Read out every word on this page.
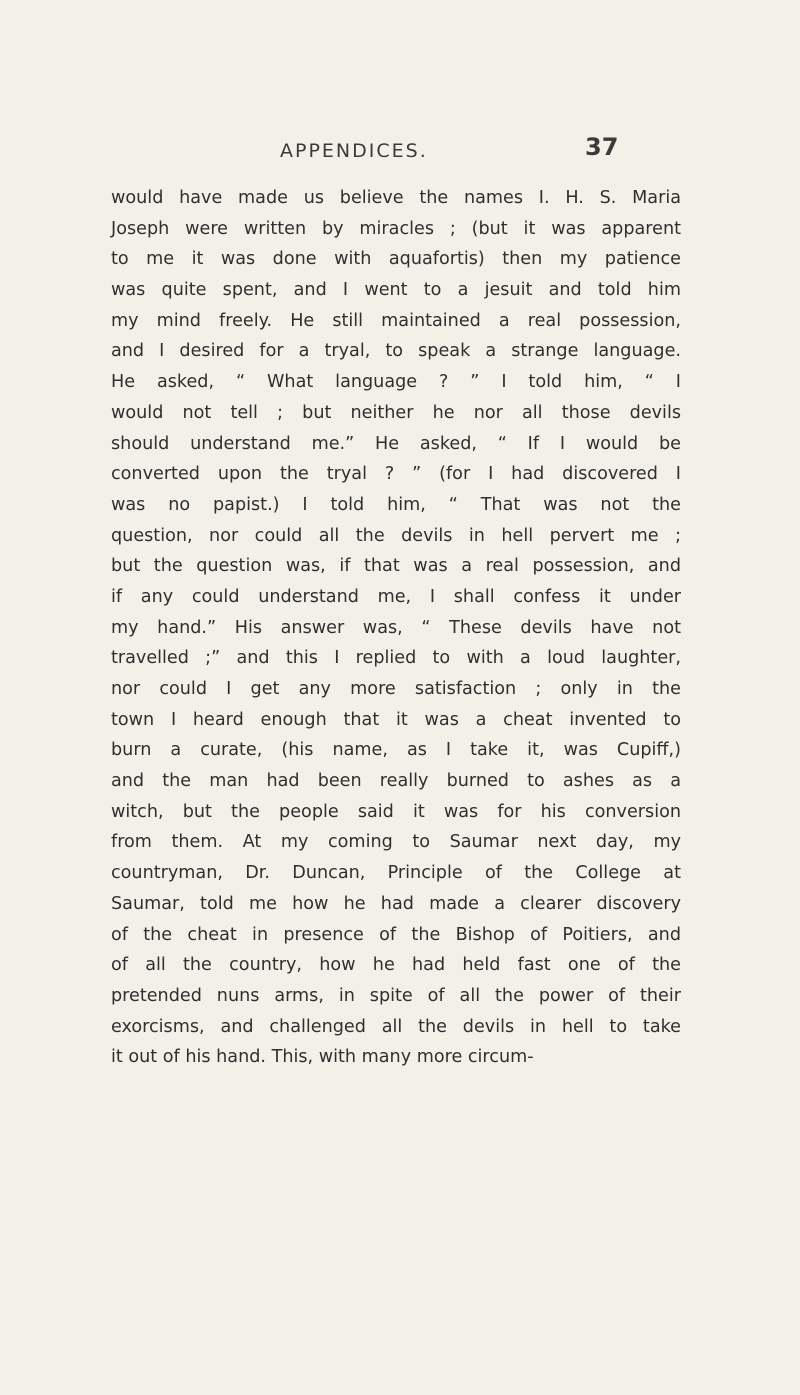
APPENDICES.	37
would have made us believe the names I. H. S. Maria
Joseph were written by miracles ; (but it was apparent
to me it was done with aquafortis) then my patience
was quite spent, and I went to a jesuit and told him
my mind freely. He still maintained a real possession,
and I desired for a tryal, to speak a strange language.
He asked, “ What language ? ” I told him, “ I
would not tell ; but neither he nor all those devils
should understand me.” He asked, “ If I would be
converted upon the tryal ? ” (for I had discovered I
was no papist.) I told him, “ That was not the
question, nor could all the devils in hell pervert me ;
but the question was, if that was a real possession, and
if any could understand me, I shall confess it under
my hand.” His answer was, “ These devils have not
travelled ;” and this I replied to with a loud laughter,
nor could I get any more satisfaction ; only in the
town I heard enough that it was a cheat invented to
burn a curate, (his name, as I take it, was Cupiff,)
and the man had been really burned to ashes as a
witch, but the people said it was for his conversion
from them. At my coming to Saumar next day, my
countryman, Dr. Duncan, Principle of the College at
Saumar, told me how he had made a clearer discovery
of the cheat in presence of the Bishop of Poitiers, and
of all the country, how he had held fast one of the
pretended nuns arms, in spite of all the power of their
exorcisms, and challenged all the devils in hell to take
it out of his hand. This, with many more circum-
